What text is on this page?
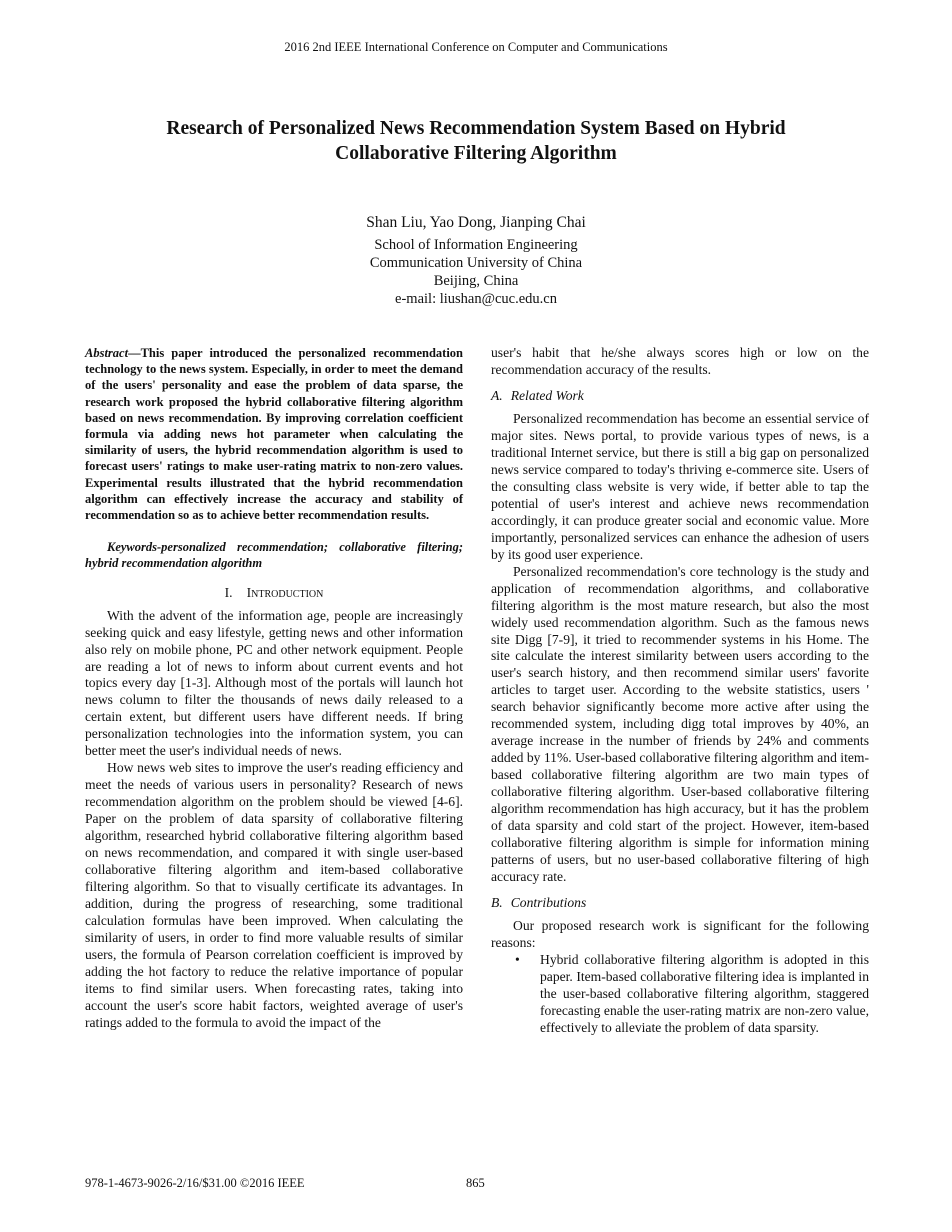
2016 2nd IEEE International Conference on Computer and Communications
Research of Personalized News Recommendation System Based on Hybrid Collaborative Filtering Algorithm
Shan Liu, Yao Dong, Jianping Chai
School of Information Engineering
Communication University of China
Beijing, China
e-mail: liushan@cuc.edu.cn

Abstract—This paper introduced the personalized recommendation technology to the news system. Especially, in order to meet the demand of the users' personality and ease the problem of data sparse, the research work proposed the hybrid collaborative filtering algorithm based on news recommendation. By improving correlation coefficient formula via adding news hot parameter when calculating the similarity of users, the hybrid recommendation algorithm is used to forecast users' ratings to make user-rating matrix to non-zero values. Experimental results illustrated that the hybrid recommendation algorithm can effectively increase the accuracy and stability of recommendation so as to achieve better recommendation results.

Keywords-personalized recommendation; collaborative filtering; hybrid recommendation algorithm

I. Introduction

With the advent of the information age, people are increasingly seeking quick and easy lifestyle, getting news and other information also rely on mobile phone, PC and other network equipment. People are reading a lot of news to inform about current events and hot topics every day [1-3]. Although most of the portals will launch hot news column to filter the thousands of news daily released to a certain extent, but different users have different needs. If bring personalization technologies into the information system, you can better meet the user's individual needs of news.

How news web sites to improve the user's reading efficiency and meet the needs of various users in personality? Research of news recommendation algorithm on the problem should be viewed [4-6]. Paper on the problem of data sparsity of collaborative filtering algorithm, researched hybrid collaborative filtering algorithm based on news recommendation, and compared it with single user-based collaborative filtering algorithm and item-based collaborative filtering algorithm. So that to visually certificate its advantages. In addition, during the progress of researching, some traditional calculation formulas have been improved. When calculating the similarity of users, in order to find more valuable results of similar users, the formula of Pearson correlation coefficient is improved by adding the hot factory to reduce the relative importance of popular items to find similar users. When forecasting rates, taking into account the user's score habit factors, weighted average of user's ratings added to the formula to avoid the impact of the

user's habit that he/she always scores high or low on the recommendation accuracy of the results.

A. Related Work

Personalized recommendation has become an essential service of major sites. News portal, to provide various types of news, is a traditional Internet service, but there is still a big gap on personalized news service compared to today's thriving e-commerce site. Users of the consulting class website is very wide, if better able to tap the potential of user's interest and achieve news recommendation accordingly, it can produce greater social and economic value. More importantly, personalized services can enhance the adhesion of users by its good user experience.

Personalized recommendation's core technology is the study and application of recommendation algorithms, and collaborative filtering algorithm is the most mature research, but also the most widely used recommendation algorithm. Such as the famous news site Digg [7-9], it tried to recommender systems in his Home. The site calculate the interest similarity between users according to the user's search history, and then recommend similar users' favorite articles to target user. According to the website statistics, users ' search behavior significantly become more active after using the recommended system, including digg total improves by 40%, an average increase in the number of friends by 24% and comments added by 11%. User-based collaborative filtering algorithm and item-based collaborative filtering algorithm are two main types of collaborative filtering algorithm. User-based collaborative filtering algorithm recommendation has high accuracy, but it has the problem of data sparsity and cold start of the project. However, item-based collaborative filtering algorithm is simple for information mining patterns of users, but no user-based collaborative filtering of high accuracy rate.

B. Contributions

Our proposed research work is significant for the following reasons:

• Hybrid collaborative filtering algorithm is adopted in this paper. Item-based collaborative filtering idea is implanted in the user-based collaborative filtering algorithm, staggered forecasting enable the user-rating matrix are non-zero value, effectively to alleviate the problem of data sparsity.
978-1-4673-9026-2/16/$31.00 ©2016 IEEE	865
